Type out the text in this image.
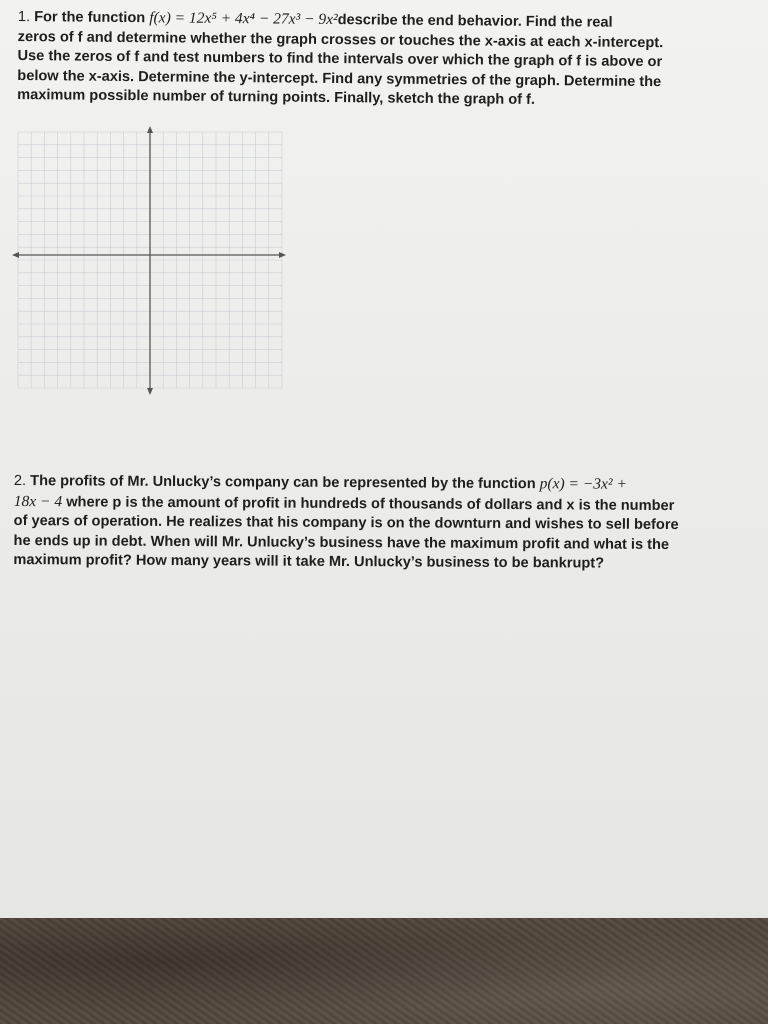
1. For the function f(x) = 12x⁵ + 4x⁴ − 27x³ − 9x²describe the end behavior. Find the real
zeros of f and determine whether the graph crosses or touches the x-axis at each x-intercept.
Use the zeros of f and test numbers to find the intervals over which the graph of f is above or
below the x-axis. Determine the y-intercept. Find any symmetries of the graph. Determine the
maximum possible number of turning points. Finally, sketch the graph of f.
2. The profits of Mr. Unlucky’s company can be represented by the function p(x) = −3x² +
18x − 4 where p is the amount of profit in hundreds of thousands of dollars and x is the number
of years of operation. He realizes that his company is on the downturn and wishes to sell before
he ends up in debt. When will Mr. Unlucky’s business have the maximum profit and what is the
maximum profit? How many years will it take Mr. Unlucky’s business to be bankrupt?
